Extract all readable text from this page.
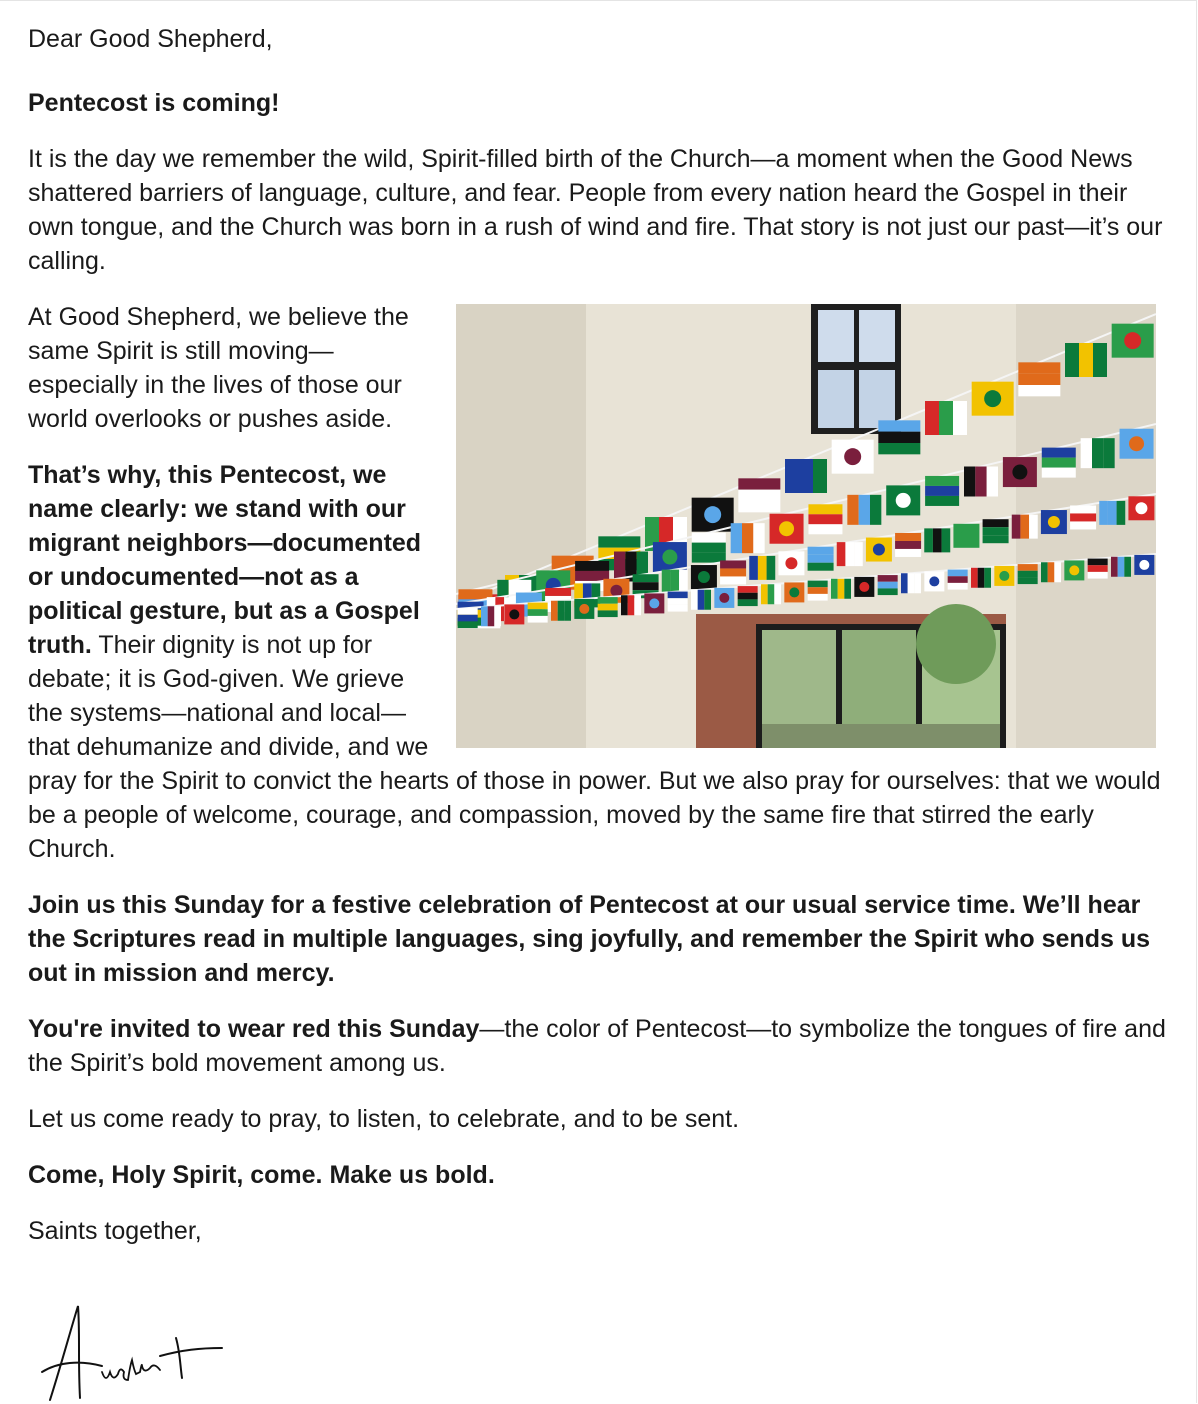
Dear Good Shepherd,

Pentecost is coming!

It is the day we remember the wild, Spirit-filled birth of the Church—a moment when the Good News shattered barriers of language, culture, and fear. People from every nation heard the Gospel in their own tongue, and the Church was born in a rush of wind and fire. That story is not just our past—it’s our calling.

At Good Shepherd, we believe the same Spirit is still moving—especially in the lives of those our world overlooks or pushes aside.

That’s why, this Pentecost, we name clearly: we stand with our migrant neighbors—documented or undocumented—not as a political gesture, but as a Gospel truth. Their dignity is not up for debate; it is God-given. We grieve the systems—national and local—that dehumanize and divide, and we pray for the Spirit to convict the hearts of those in power. But we also pray for ourselves: that we would be a people of welcome, courage, and compassion, moved by the same fire that stirred the early Church.

Join us this Sunday for a festive celebration of Pentecost at our usual service time. We’ll hear the Scriptures read in multiple languages, sing joyfully, and remember the Spirit who sends us out in mission and mercy.

You're invited to wear red this Sunday—the color of Pentecost—to symbolize the tongues of fire and the Spirit’s bold movement among us.

Let us come ready to pray, to listen, to celebrate, and to be sent.

Come, Holy Spirit, come. Make us bold.

Saints together,
